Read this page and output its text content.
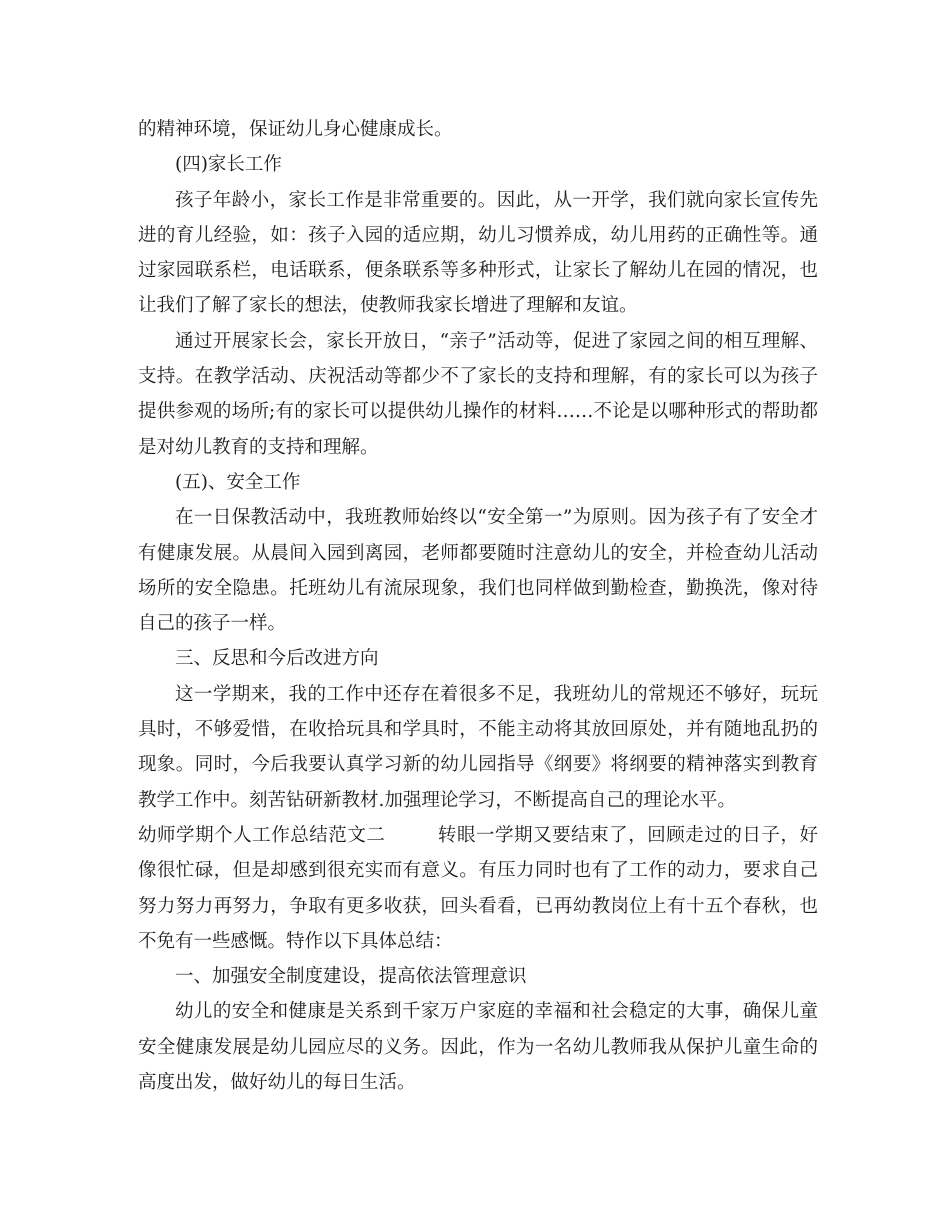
的精神环境，保证幼儿身心健康成长。

(四)家长工作

孩子年龄小，家长工作是非常重要的。因此，从一开学，我们就向家长宣传先进的育儿经验，如：孩子入园的适应期，幼儿习惯养成，幼儿用药的正确性等。通过家园联系栏，电话联系，便条联系等多种形式，让家长了解幼儿在园的情况，也让我们了解了家长的想法，使教师我家长增进了理解和友谊。

通过开展家长会，家长开放日，“亲子”活动等，促进了家园之间的相互理解、支持。在教学活动、庆祝活动等都少不了家长的支持和理解，有的家长可以为孩子提供参观的场所;有的家长可以提供幼儿操作的材料……不论是以哪种形式的帮助都是对幼儿教育的支持和理解。

(五)、安全工作

在一日保教活动中，我班教师始终以“安全第一”为原则。因为孩子有了安全才有健康发展。从晨间入园到离园，老师都要随时注意幼儿的安全，并检查幼儿活动场所的安全隐患。托班幼儿有流尿现象，我们也同样做到勤检查，勤换洗，像对待自己的孩子一样。

三、反思和今后改进方向

这一学期来，我的工作中还存在着很多不足，我班幼儿的常规还不够好，玩玩具时，不够爱惜，在收拾玩具和学具时，不能主动将其放回原处，并有随地乱扔的现象。同时，今后我要认真学习新的幼儿园指导《纲要》将纲要的精神落实到教育教学工作中。刻苦钻研新教材.加强理论学习，不断提高自己的理论水平。

幼师学期个人工作总结范文二	转眼一学期又要结束了，回顾走过的日子，好像很忙碌，但是却感到很充实而有意义。有压力同时也有了工作的动力，要求自己努力努力再努力，争取有更多收获，回头看看，已再幼教岗位上有十五个春秋，也不免有一些感慨。特作以下具体总结：

一、加强安全制度建设，提高依法管理意识

幼儿的安全和健康是关系到千家万户家庭的幸福和社会稳定的大事，确保儿童安全健康发展是幼儿园应尽的义务。因此，作为一名幼儿教师我从保护儿童生命的高度出发，做好幼儿的每日生活。
